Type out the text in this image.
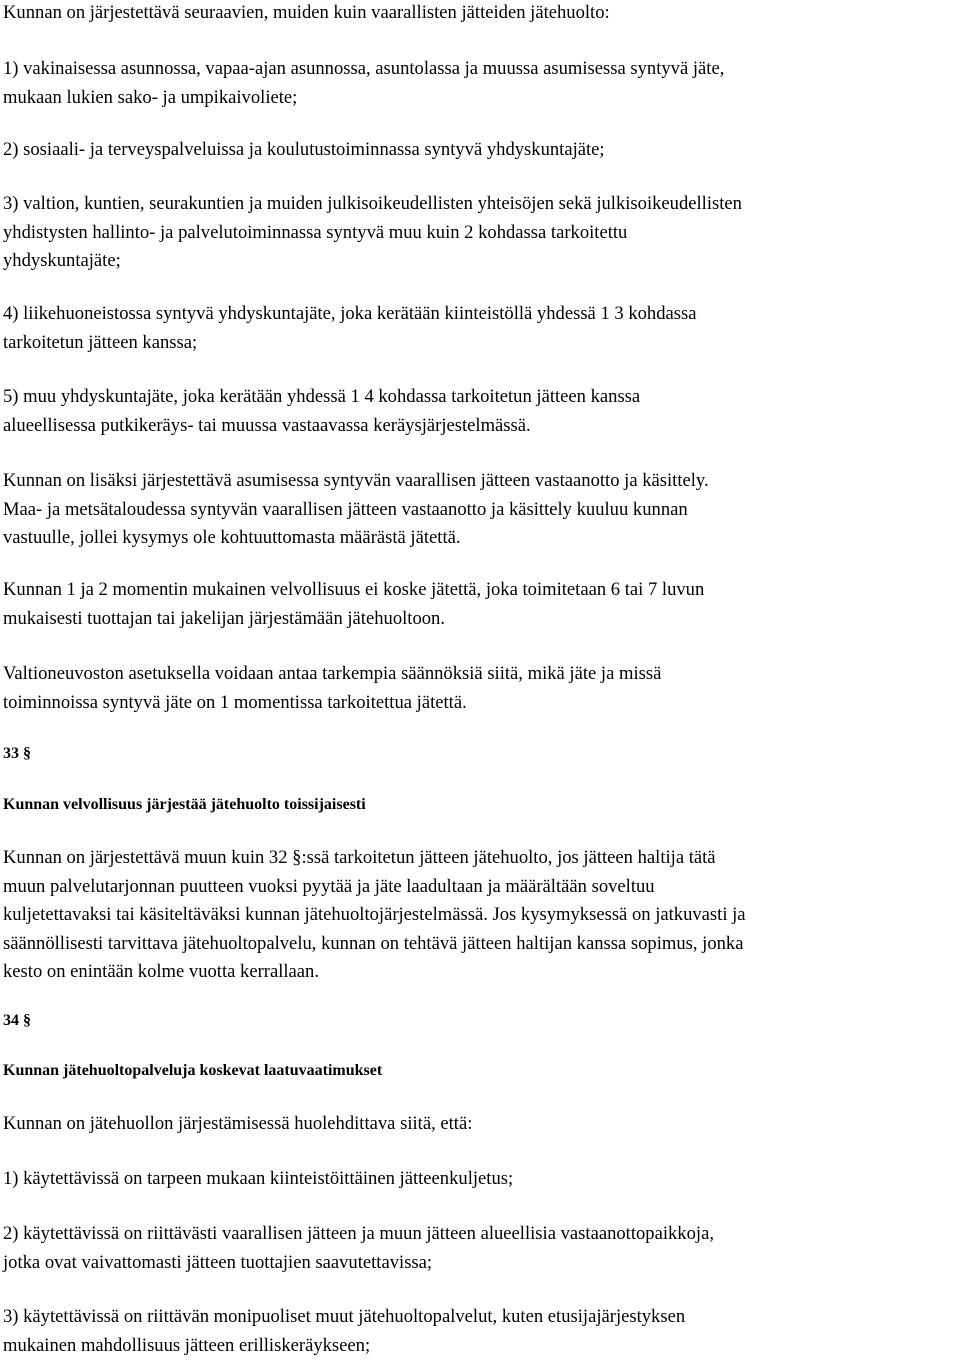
Kunnan on järjestettävä seuraavien, muiden kuin vaarallisten jätteiden jätehuolto:

1) vakinaisessa asunnossa, vapaa-ajan asunnossa, asuntolassa ja muussa asumisessa syntyvä jäte,
mukaan lukien sako- ja umpikaivoliete;

2) sosiaali- ja terveyspalveluissa ja koulutustoiminnassa syntyvä yhdyskuntajäte;

3) valtion, kuntien, seurakuntien ja muiden julkisoikeudellisten yhteisöjen sekä julkisoikeudellisten
yhdistysten hallinto- ja palvelutoiminnassa syntyvä muu kuin 2 kohdassa tarkoitettu
yhdyskuntajäte;

4) liikehuoneistossa syntyvä yhdyskuntajäte, joka kerätään kiinteistöllä yhdessä 1 3 kohdassa
tarkoitetun jätteen kanssa;

5) muu yhdyskuntajäte, joka kerätään yhdessä 1 4 kohdassa tarkoitetun jätteen kanssa
alueellisessa putkikeräys- tai muussa vastaavassa keräysjärjestelmässä.

Kunnan on lisäksi järjestettävä asumisessa syntyvän vaarallisen jätteen vastaanotto ja käsittely.
Maa- ja metsätaloudessa syntyvän vaarallisen jätteen vastaanotto ja käsittely kuuluu kunnan
vastuulle, jollei kysymys ole kohtuuttomasta määrästä jätettä.

Kunnan 1 ja 2 momentin mukainen velvollisuus ei koske jätettä, joka toimitetaan 6 tai 7 luvun
mukaisesti tuottajan tai jakelijan järjestämään jätehuoltoon.

Valtioneuvoston asetuksella voidaan antaa tarkempia säännöksiä siitä, mikä jäte ja missä
toiminnoissa syntyvä jäte on 1 momentissa tarkoitettua jätettä.

33 §
Kunnan velvollisuus järjestää jätehuolto toissijaisesti

Kunnan on järjestettävä muun kuin 32 §:ssä tarkoitetun jätteen jätehuolto, jos jätteen haltija tätä
muun palvelutarjonnan puutteen vuoksi pyytää ja jäte laadultaan ja määrältään soveltuu
kuljetettavaksi tai käsiteltäväksi kunnan jätehuoltojärjestelmässä. Jos kysymyksessä on jatkuvasti ja
säännöllisesti tarvittava jätehuoltopalvelu, kunnan on tehtävä jätteen haltijan kanssa sopimus, jonka
kesto on enintään kolme vuotta kerrallaan.

34 §
Kunnan jätehuoltopalveluja koskevat laatuvaatimukset

Kunnan on jätehuollon järjestämisessä huolehdittava siitä, että:

1) käytettävissä on tarpeen mukaan kiinteistöittäinen jätteenkuljetus;

2) käytettävissä on riittävästi vaarallisen jätteen ja muun jätteen alueellisia vastaanottopaikkoja,
jotka ovat vaivattomasti jätteen tuottajien saavutettavissa;

3) käytettävissä on riittävän monipuoliset muut jätehuoltopalvelut, kuten etusijajärjestyksen
mukainen mahdollisuus jätteen erilliskeräykseen;
